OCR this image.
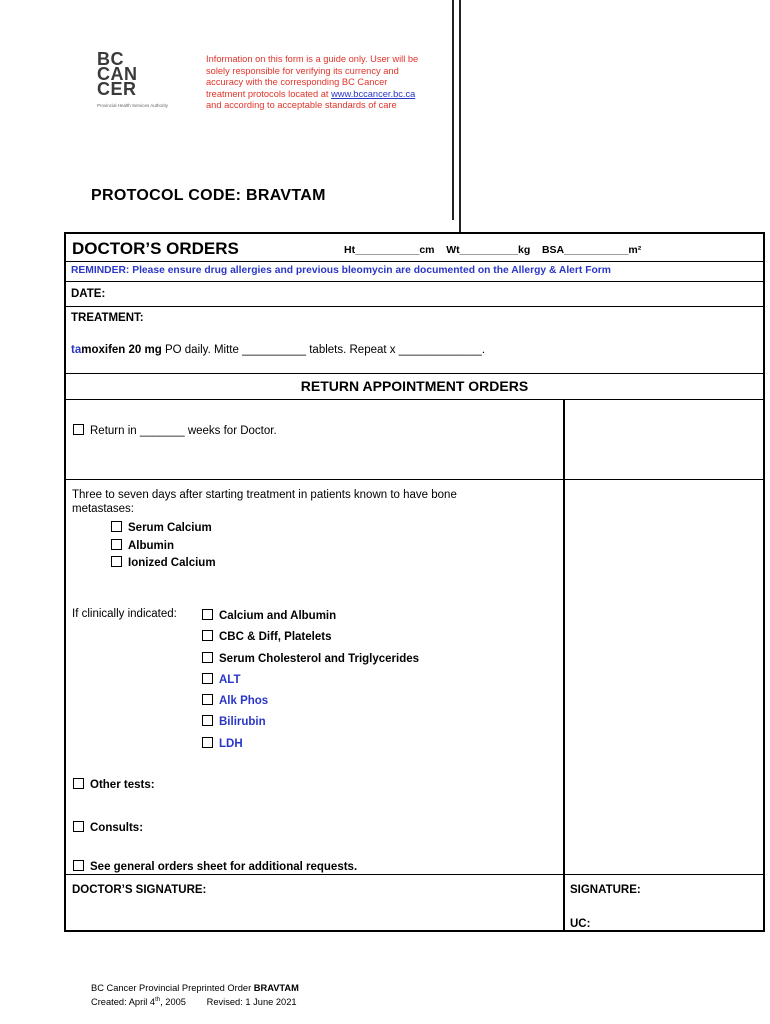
BC
CAN
CER
Provincial Health Services Authority
Information on this form is a guide only. User will be
solely responsible for verifying its currency and
accuracy with the corresponding BC Cancer
treatment protocols located at www.bccancer.bc.ca
and according to acceptable standards of care
PROTOCOL CODE: BRAVTAM
DOCTOR’S ORDERS	Ht___________cm Wt__________kg BSA___________m²
REMINDER: Please ensure drug allergies and previous bleomycin are documented on the Allergy & Alert Form
DATE:
TREATMENT:
tamoxifen 20 mg PO daily. Mitte __________ tablets. Repeat x _____________.
RETURN APPOINTMENT ORDERS
Return in _______ weeks for Doctor.
Three to seven days after starting treatment in patients known to have bone
metastases:
Serum Calcium
Albumin
Ionized Calcium
If clinically indicated:	Calcium and Albumin
CBC & Diff, Platelets
Serum Cholesterol and Triglycerides
ALT
Alk Phos
Bilirubin
LDH
Other tests:
Consults:
See general orders sheet for additional requests.
DOCTOR’S SIGNATURE:	SIGNATURE:
UC:
BC Cancer Provincial Preprinted Order BRAVTAM
Created: April 4th, 2005 Revised: 1 June 2021
